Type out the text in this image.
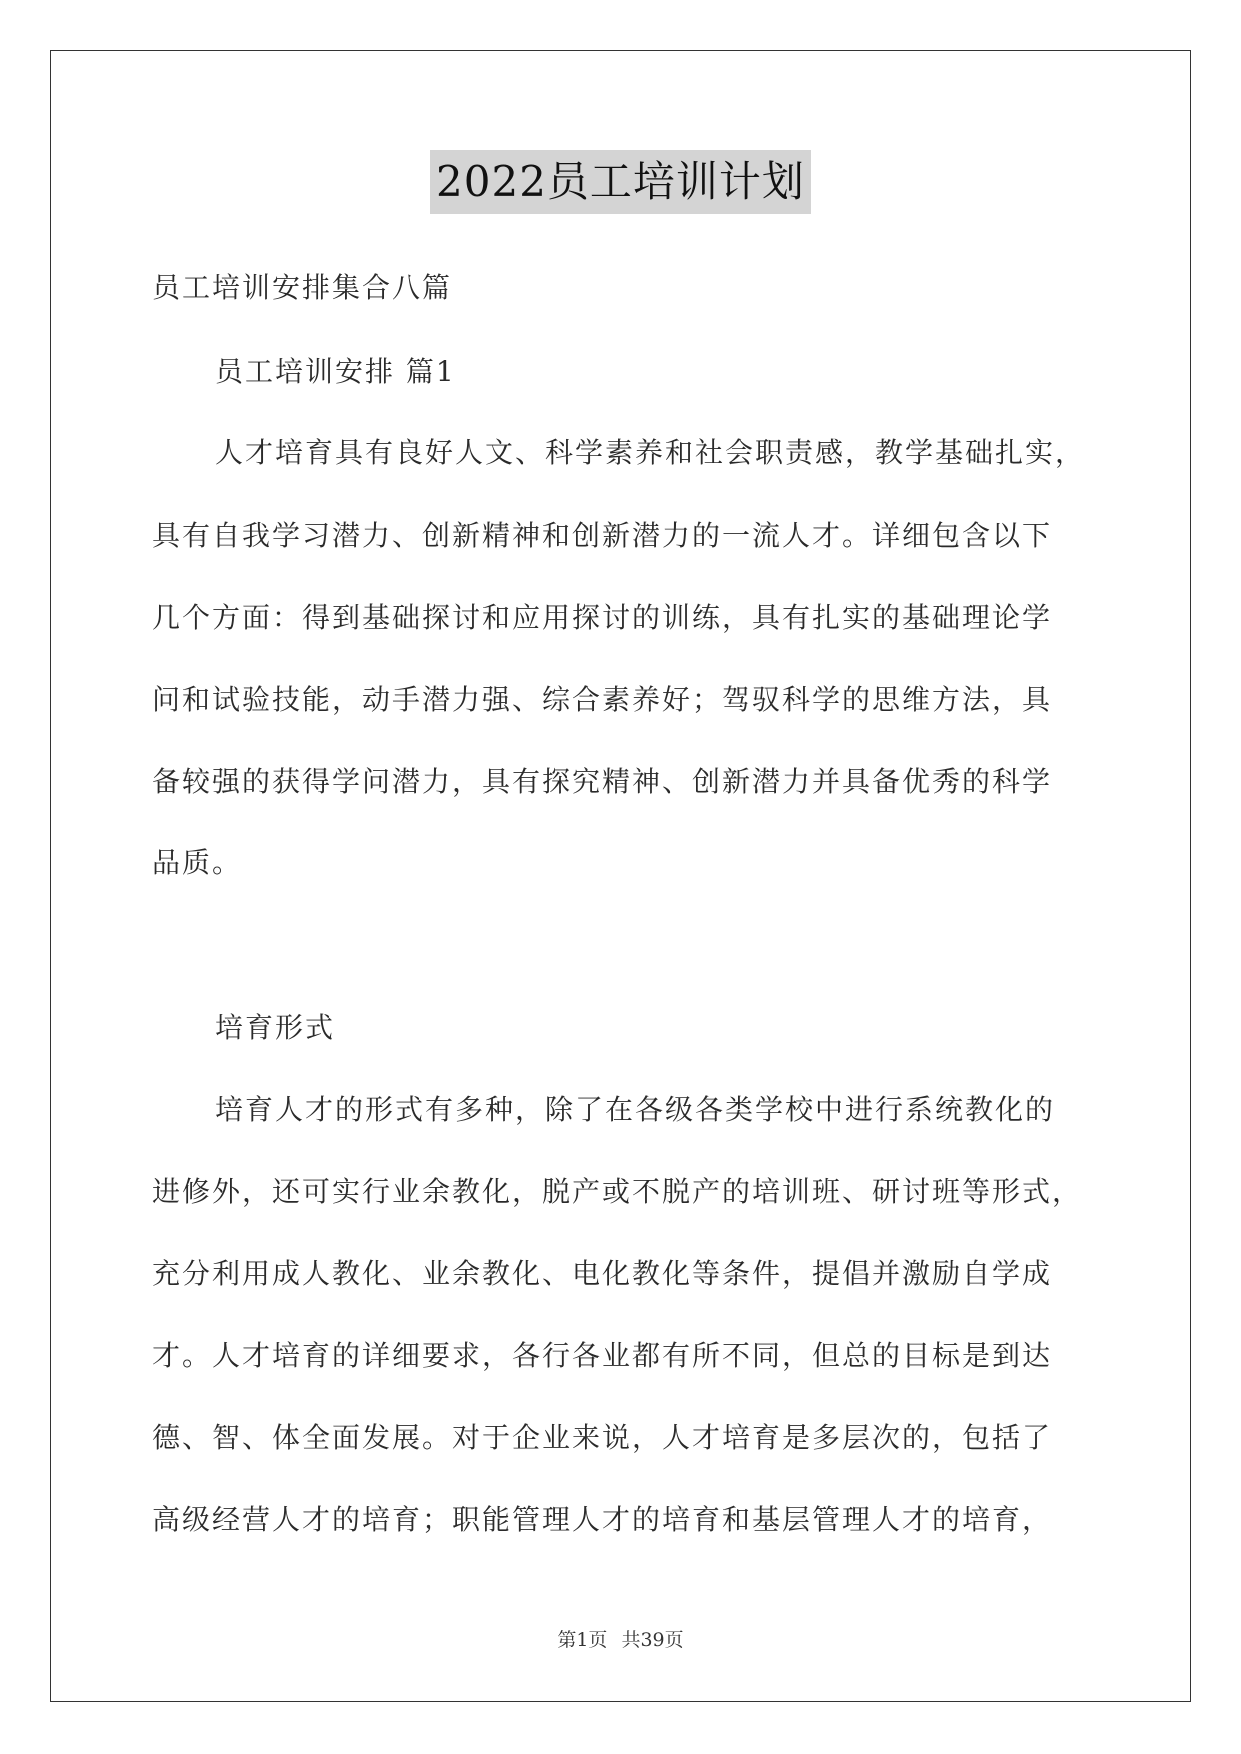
2022员工培训计划
员工培训安排集合八篇
员工培训安排 篇1
人才培育具有良好人文、科学素养和社会职责感，教学基础扎实，
具有自我学习潜力、创新精神和创新潜力的一流人才。详细包含以下
几个方面：得到基础探讨和应用探讨的训练，具有扎实的基础理论学
问和试验技能，动手潜力强、综合素养好；驾驭科学的思维方法，具
备较强的获得学问潜力，具有探究精神、创新潜力并具备优秀的科学
品质。
培育形式
培育人才的形式有多种，除了在各级各类学校中进行系统教化的
进修外，还可实行业余教化，脱产或不脱产的培训班、研讨班等形式，
充分利用成人教化、业余教化、电化教化等条件，提倡并激励自学成
才。人才培育的详细要求，各行各业都有所不同，但总的目标是到达
德、智、体全面发展。对于企业来说，人才培育是多层次的，包括了
高级经营人才的培育；职能管理人才的培育和基层管理人才的培育，
第1页 共39页
